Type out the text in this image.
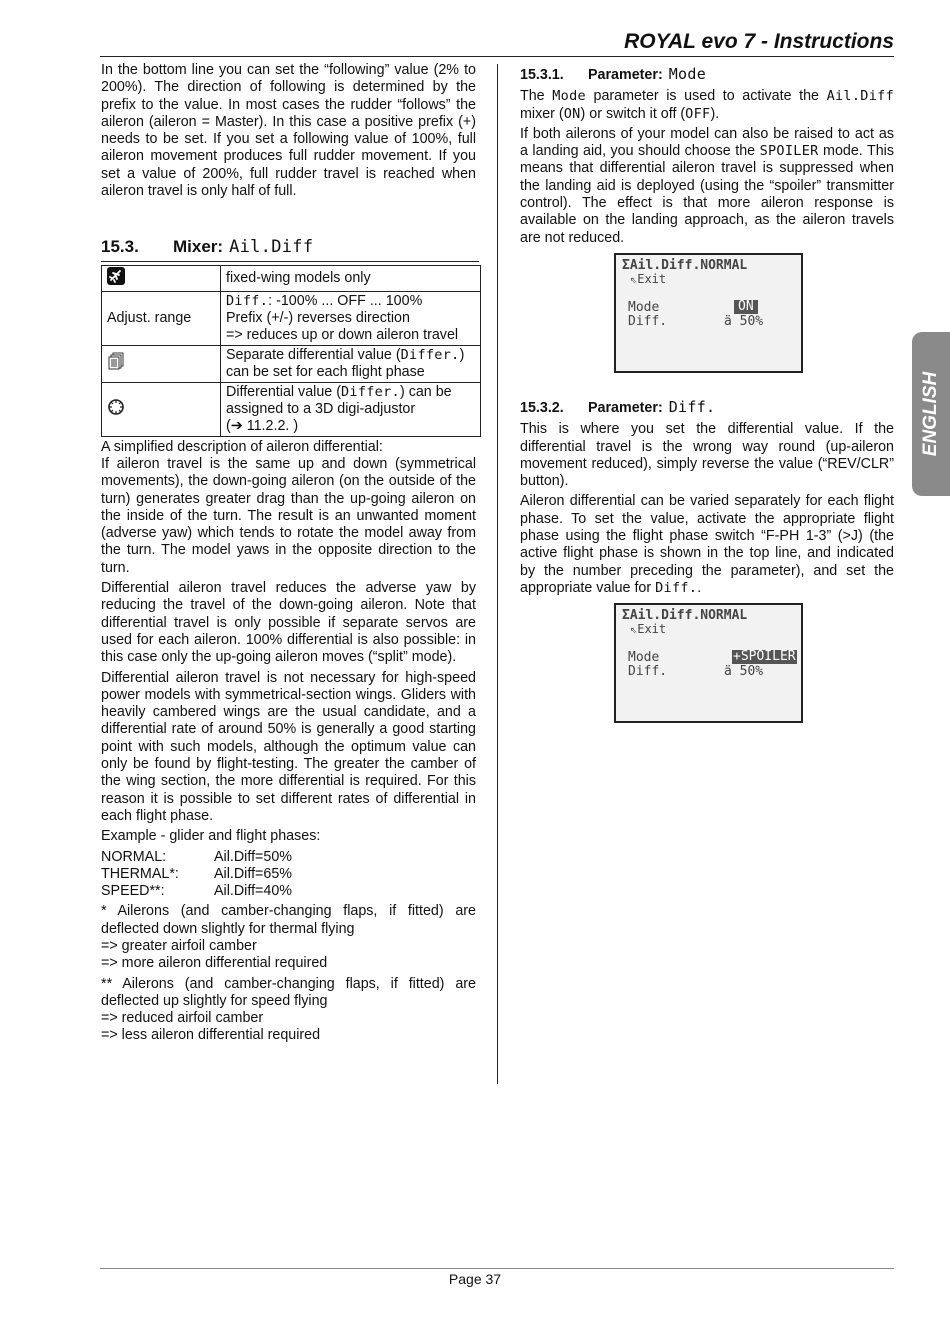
ROYAL evo 7 - Instructions

In the bottom line you can set the “following” value (2% to 200%). The direction of following is determined by the prefix to the value. In most cases the rudder “follows” the aileron (aileron = Master). In this case a positive prefix (+) needs to be set. If you set a following value of 100%, full aileron movement produces full rudder movement. If you set a value of 200%, full rudder travel is reached when aileron travel is only half of full.

15.3.	Mixer: Ail.Diff
	fixed-wing models only
Adjust. range	Diff.: -100% ... OFF ... 100%
Prefix (+/-) reverses direction
=> reduces up or down aileron travel

Separate differential value (Differ.)
can be set for each flight phase

Differential value (Differ.) can be
assigned to a 3D digi-adjustor
(➔ 11.2.2. )

A simplified description of aileron differential:

If aileron travel is the same up and down (symmetrical movements), the down-going aileron (on the outside of the turn) generates greater drag than the up-going aileron on the inside of the turn. The result is an unwanted moment (adverse yaw) which tends to rotate the model away from the turn. The model yaws in the opposite direction to the turn.

Differential aileron travel reduces the adverse yaw by reducing the travel of the down-going aileron. Note that differential travel is only possible if separate servos are used for each aileron. 100% differential is also possible: in this case only the up-going aileron moves (“split” mode).

Differential aileron travel is not necessary for high-speed power models with symmetrical-section wings. Gliders with heavily cambered wings are the usual candidate, and a differential rate of around 50% is generally a good starting point with such models, although the optimum value can only be found by flight-testing. The greater the camber of the wing section, the more differential is required. For this reason it is possible to set different rates of differential in each flight phase.

Example - glider and flight phases:

NORMAL:	Ail.Diff=50%
THERMAL*:	Ail.Diff=65%
SPEED**:	Ail.Diff=40%

* Ailerons (and camber-changing flaps, if fitted) are deflected down slightly for thermal flying

=> greater airfoil camber
=> more aileron differential required

** Ailerons (and camber-changing flaps, if fitted) are deflected up slightly for speed flying

=> reduced airfoil camber
=> less aileron differential required
15.3.1.	Parameter: Mode

The Mode parameter is used to activate the Ail.Diff mixer (ON) or switch it off (OFF).

If both ailerons of your model can also be raised to act as a landing aid, you should choose the SPOILER mode. This means that differential aileron travel is suppressed when the landing aid is deployed (using the “spoiler” transmitter control). The effect is that more aileron response is available on the landing approach, as the aileron travels are not reduced.

ΣAil.Diff.NORMAL
⇖Exit
Mode	ON
Diff.	ä 50%
15.3.2.	Parameter: Diff.

This is where you set the differential value. If the differential travel is the wrong way round (up-aileron movement reduced), simply reverse the value (“REV/CLR” button).

Aileron differential can be varied separately for each flight phase. To set the value, activate the appropriate flight phase using the flight phase switch “F-PH 1-3” (>J) (the active flight phase is shown in the top line, and indicated by the number preceding the parameter), and set the appropriate value for Diff..

ΣAil.Diff.NORMAL
⇖Exit
Mode	+SPOILER
Diff.	ä 50%
ENGLISH
Page 37
